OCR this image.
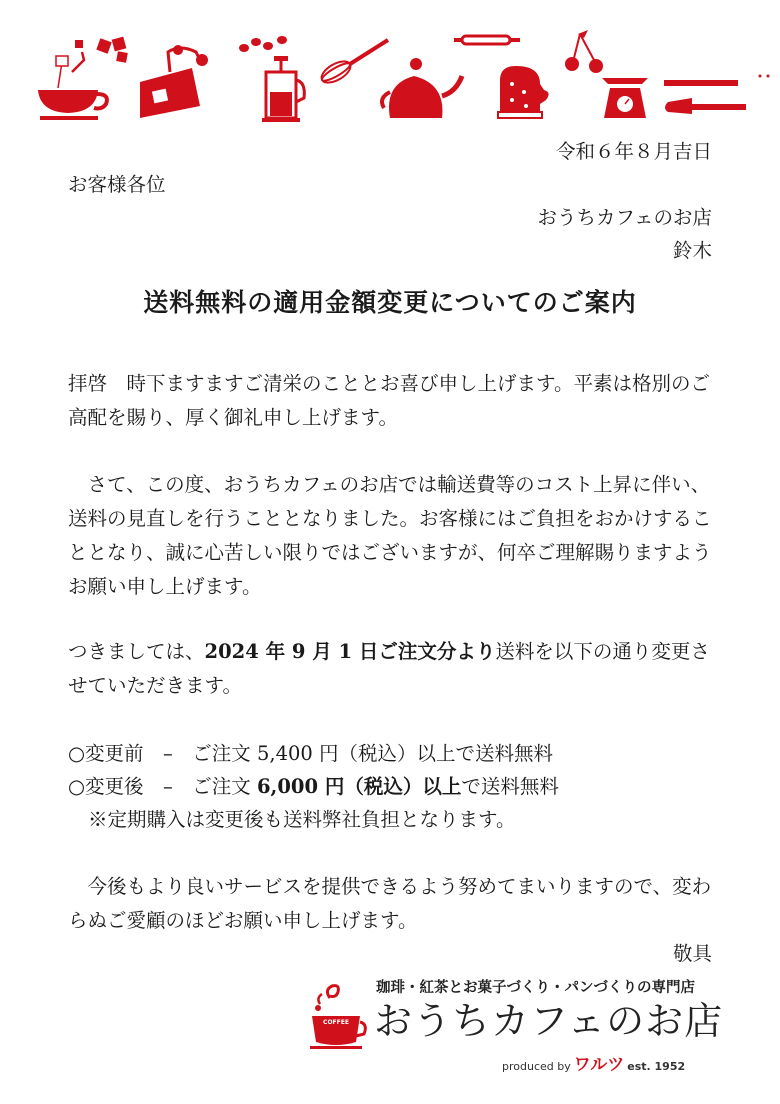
令和６年８月吉日

お客様各位

おうちカフェのお店

鈴木

送料無料の適用金額変更についてのご案内

拝啓　時下ますますご清栄のこととお喜び申し上げます。平素は格別のご高配を賜り、厚く御礼申し上げます。

さて、この度、おうちカフェのお店では輸送費等のコスト上昇に伴い、送料の見直しを行うこととなりました。お客様にはご負担をおかけすることとなり、誠に心苦しい限りではございますが、何卒ご理解賜りますようお願い申し上げます。

つきましては、2024 年 9 月 1 日ご注文分より送料を以下の通り変更させていただきます。

○変更前　–　ご注文 5,400 円（税込）以上で送料無料

○変更後　–　ご注文 6,000 円（税込）以上で送料無料

※定期購入は変更後も送料弊社負担となります。

今後もより良いサービスを提供できるよう努めてまいりますので、変わらぬご愛顧のほどお願い申し上げます。

敬具

COFFEE
珈琲・紅茶とお菓子づくり・パンづくりの専門店
おうちカフェのお店
produced by ワルツ est. 1952
